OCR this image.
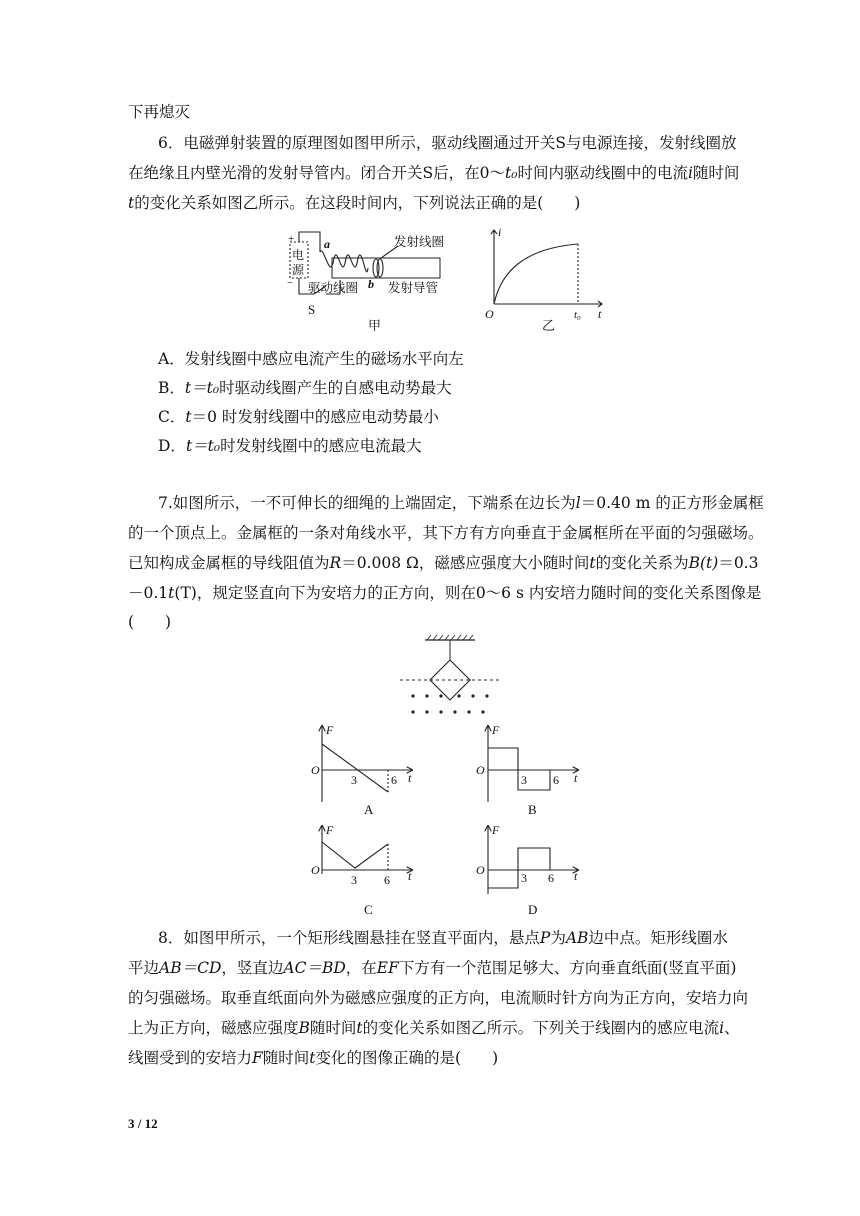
下再熄灭
6．电磁弹射装置的原理图如图甲所示，驱动线圈通过开关S与电源连接，发射线圈放
在绝缘且内壁光滑的发射导管内。闭合开关S后，在0～t₀时间内驱动线圈中的电流i随时间
t的变化关系如图乙所示。在这段时间内，下列说法正确的是(　　)
+
−
电
源
a
b
发射线圈
驱动线圈 发射导管
S
甲
i
t
O	t₀
乙
A．发射线圈中感应电流产生的磁场水平向左
B．t＝t₀时驱动线圈产生的自感电动势最大
C．t＝0 时发射线圈中的感应电动势最小
D．t＝t₀时发射线圈中的感应电流最大
7.如图所示，一不可伸长的细绳的上端固定，下端系在边长为l＝0.40 m 的正方形金属框
的一个顶点上。金属框的一条对角线水平，其下方有方向垂直于金属框所在平面的匀强磁场。
已知构成金属框的导线阻值为R＝0.008 Ω，磁感应强度大小随时间t的变化关系为B(t)＝0.3
－0.1t(T)，规定竖直向下为安培力的正方向，则在0～6 s 内安培力随时间的变化关系图像是
(　　)
F
O
3	6 t
A
F
O
3 6 t
B
F
O
3 6 t
C
F
O
3 6 t
D
8．如图甲所示，一个矩形线圈悬挂在竖直平面内，悬点P为AB边中点。矩形线圈水
平边AB＝CD，竖直边AC＝BD，在EF下方有一个范围足够大、方向垂直纸面(竖直平面)
的匀强磁场。取垂直纸面向外为磁感应强度的正方向，电流顺时针方向为正方向，安培力向
上为正方向，磁感应强度B随时间t的变化关系如图乙所示。下列关于线圈内的感应电流i、
线圈受到的安培力F随时间t变化的图像正确的是(　　)
3 / 12
